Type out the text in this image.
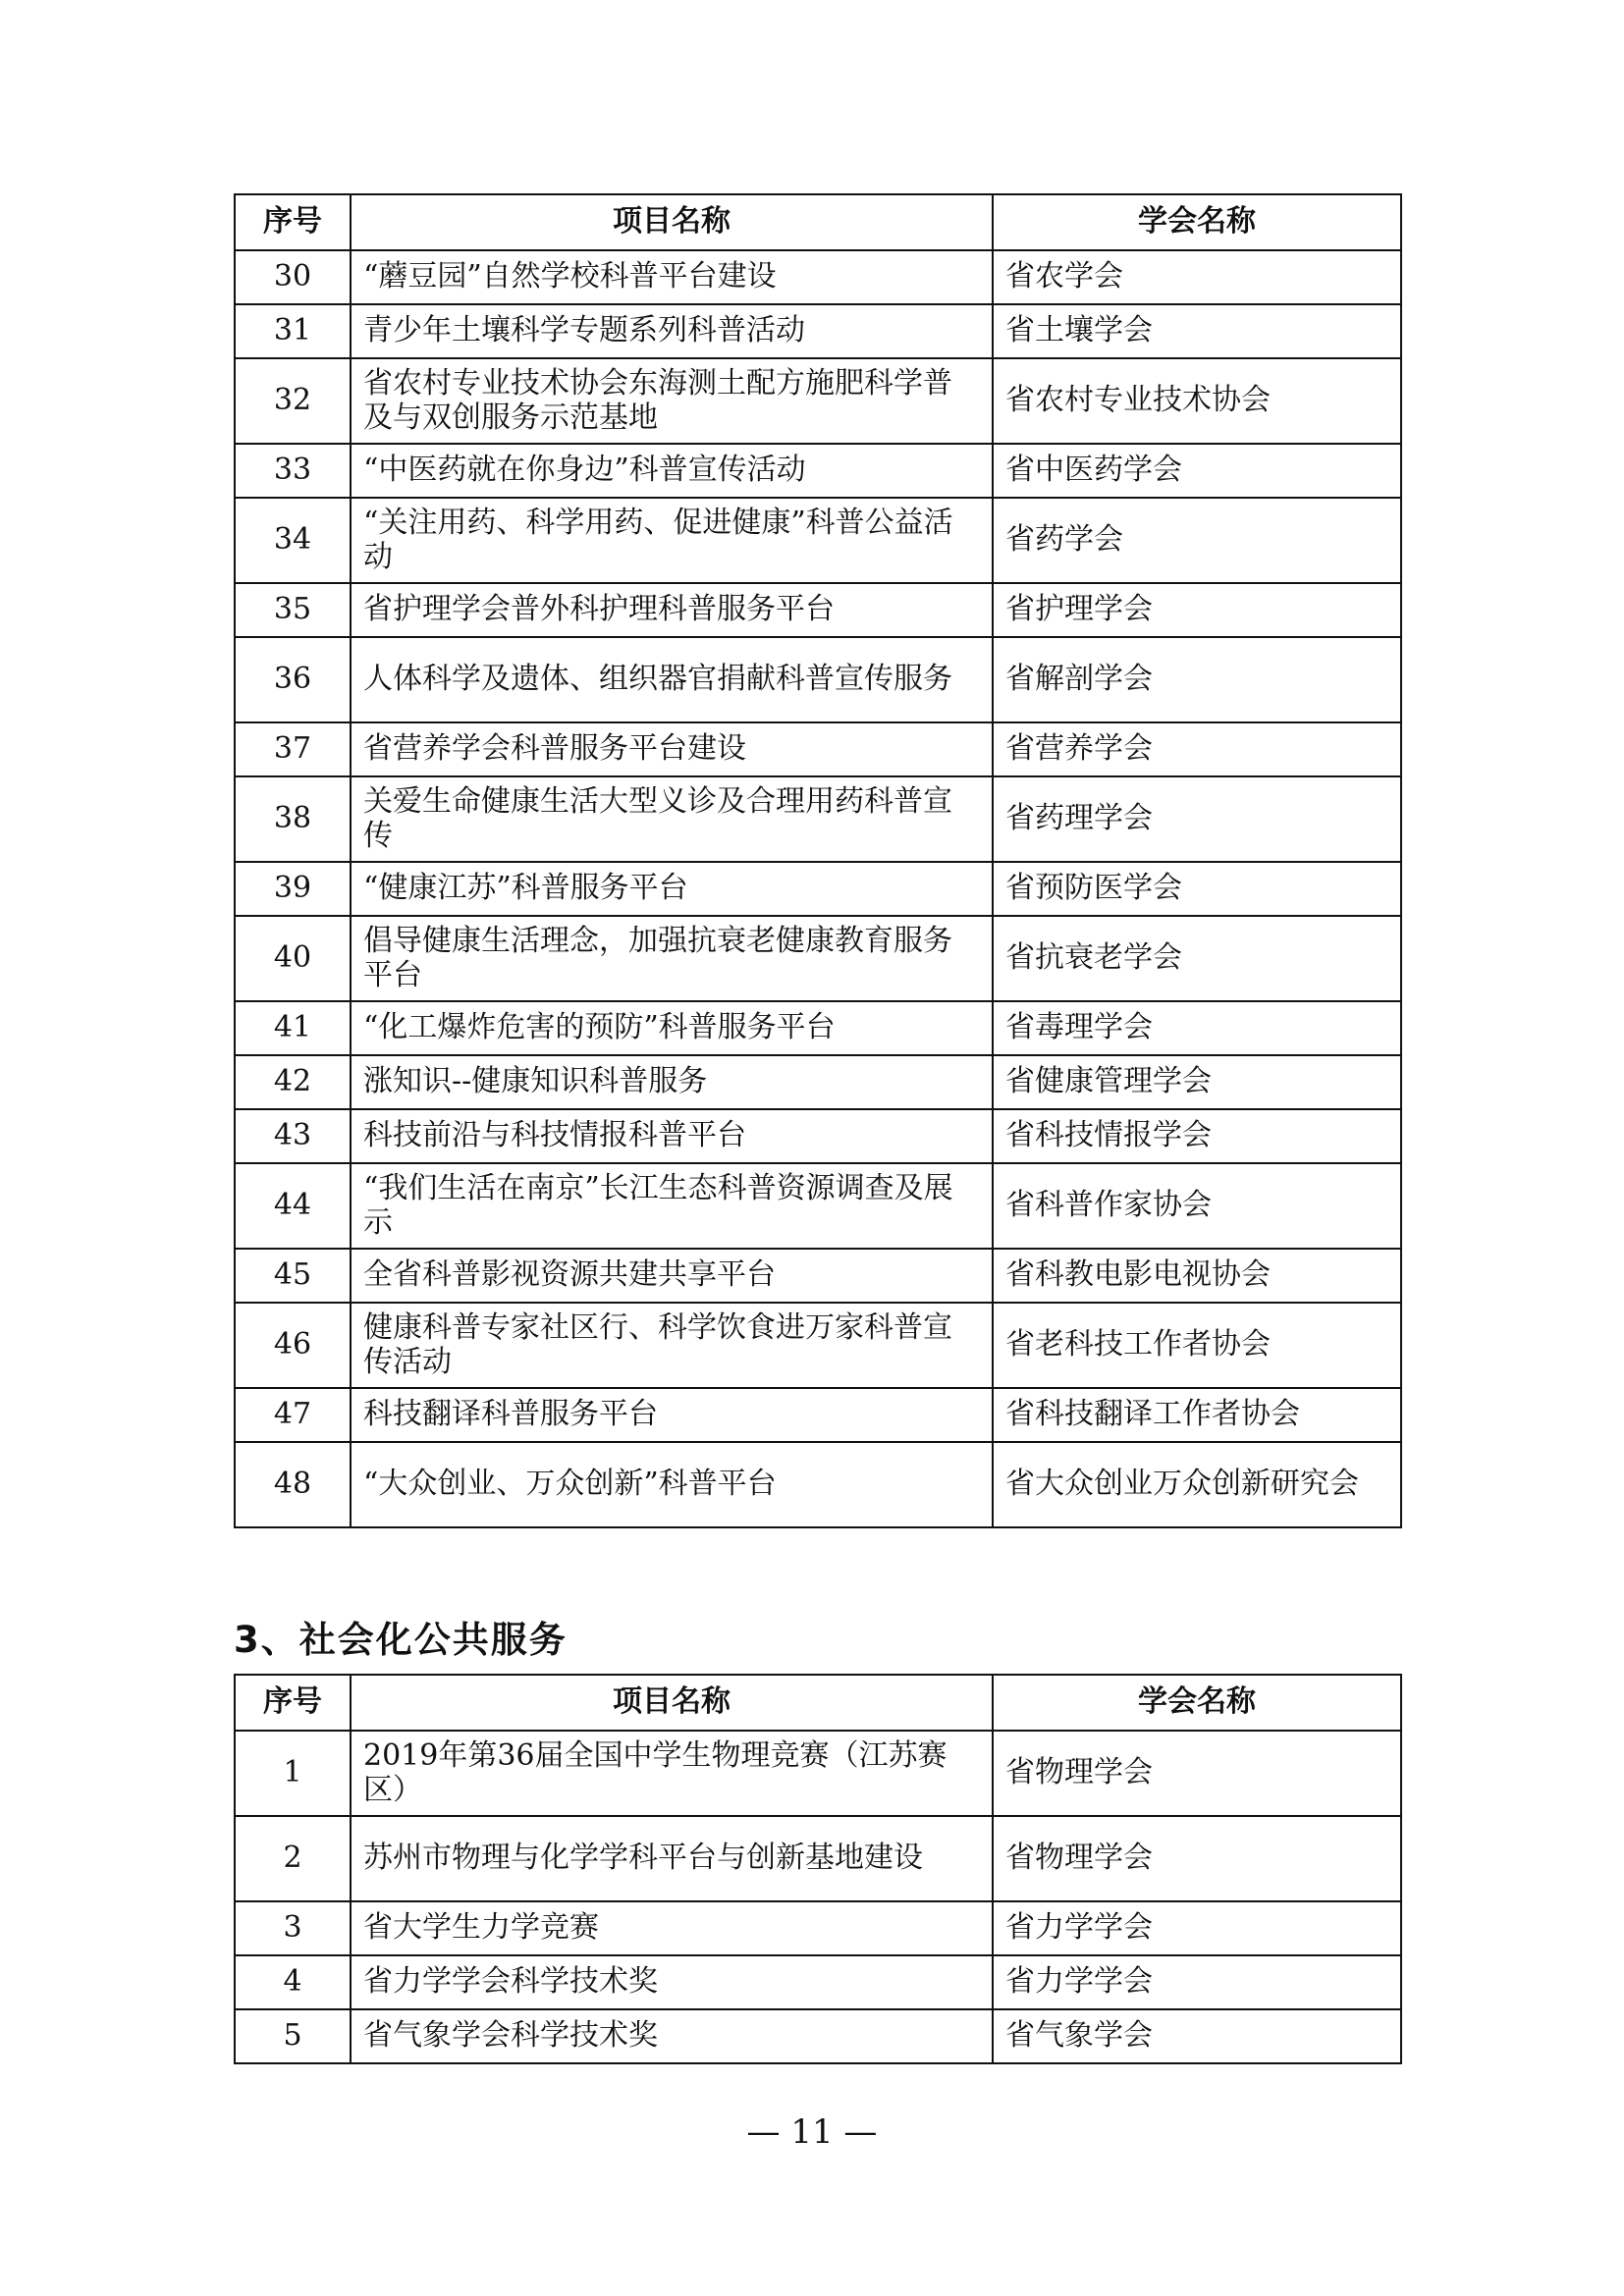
序号	项目名称	学会名称
30	“蘑豆园”自然学校科普平台建设	省农学会
31	青少年土壤科学专题系列科普活动	省土壤学会
32	省农村专业技术协会东海测土配方施肥科学普及与双创服务示范基地	省农村专业技术协会
33	“中医药就在你身边”科普宣传活动	省中医药学会
34	“关注用药、科学用药、促进健康”科普公益活动	省药学会
35	省护理学会普外科护理科普服务平台	省护理学会
36	人体科学及遗体、组织器官捐献科普宣传服务	省解剖学会
37	省营养学会科普服务平台建设	省营养学会
38	关爱生命健康生活大型义诊及合理用药科普宣传	省药理学会
39	“健康江苏”科普服务平台	省预防医学会
40	倡导健康生活理念，加强抗衰老健康教育服务平台	省抗衰老学会
41	“化工爆炸危害的预防”科普服务平台	省毒理学会
42	涨知识--健康知识科普服务	省健康管理学会
43	科技前沿与科技情报科普平台	省科技情报学会
44	“我们生活在南京”长江生态科普资源调查及展示	省科普作家协会
45	全省科普影视资源共建共享平台	省科教电影电视协会
46	健康科普专家社区行、科学饮食进万家科普宣传活动	省老科技工作者协会
47	科技翻译科普服务平台	省科技翻译工作者协会
48	“大众创业、万众创新”科普平台	省大众创业万众创新研究会
3、社会化公共服务
序号	项目名称	学会名称
1	2019年第36届全国中学生物理竞赛（江苏赛区）	省物理学会
2	苏州市物理与化学学科平台与创新基地建设	省物理学会
3	省大学生力学竞赛	省力学学会
4	省力学学会科学技术奖	省力学学会
5	省气象学会科学技术奖	省气象学会
— 11 —
